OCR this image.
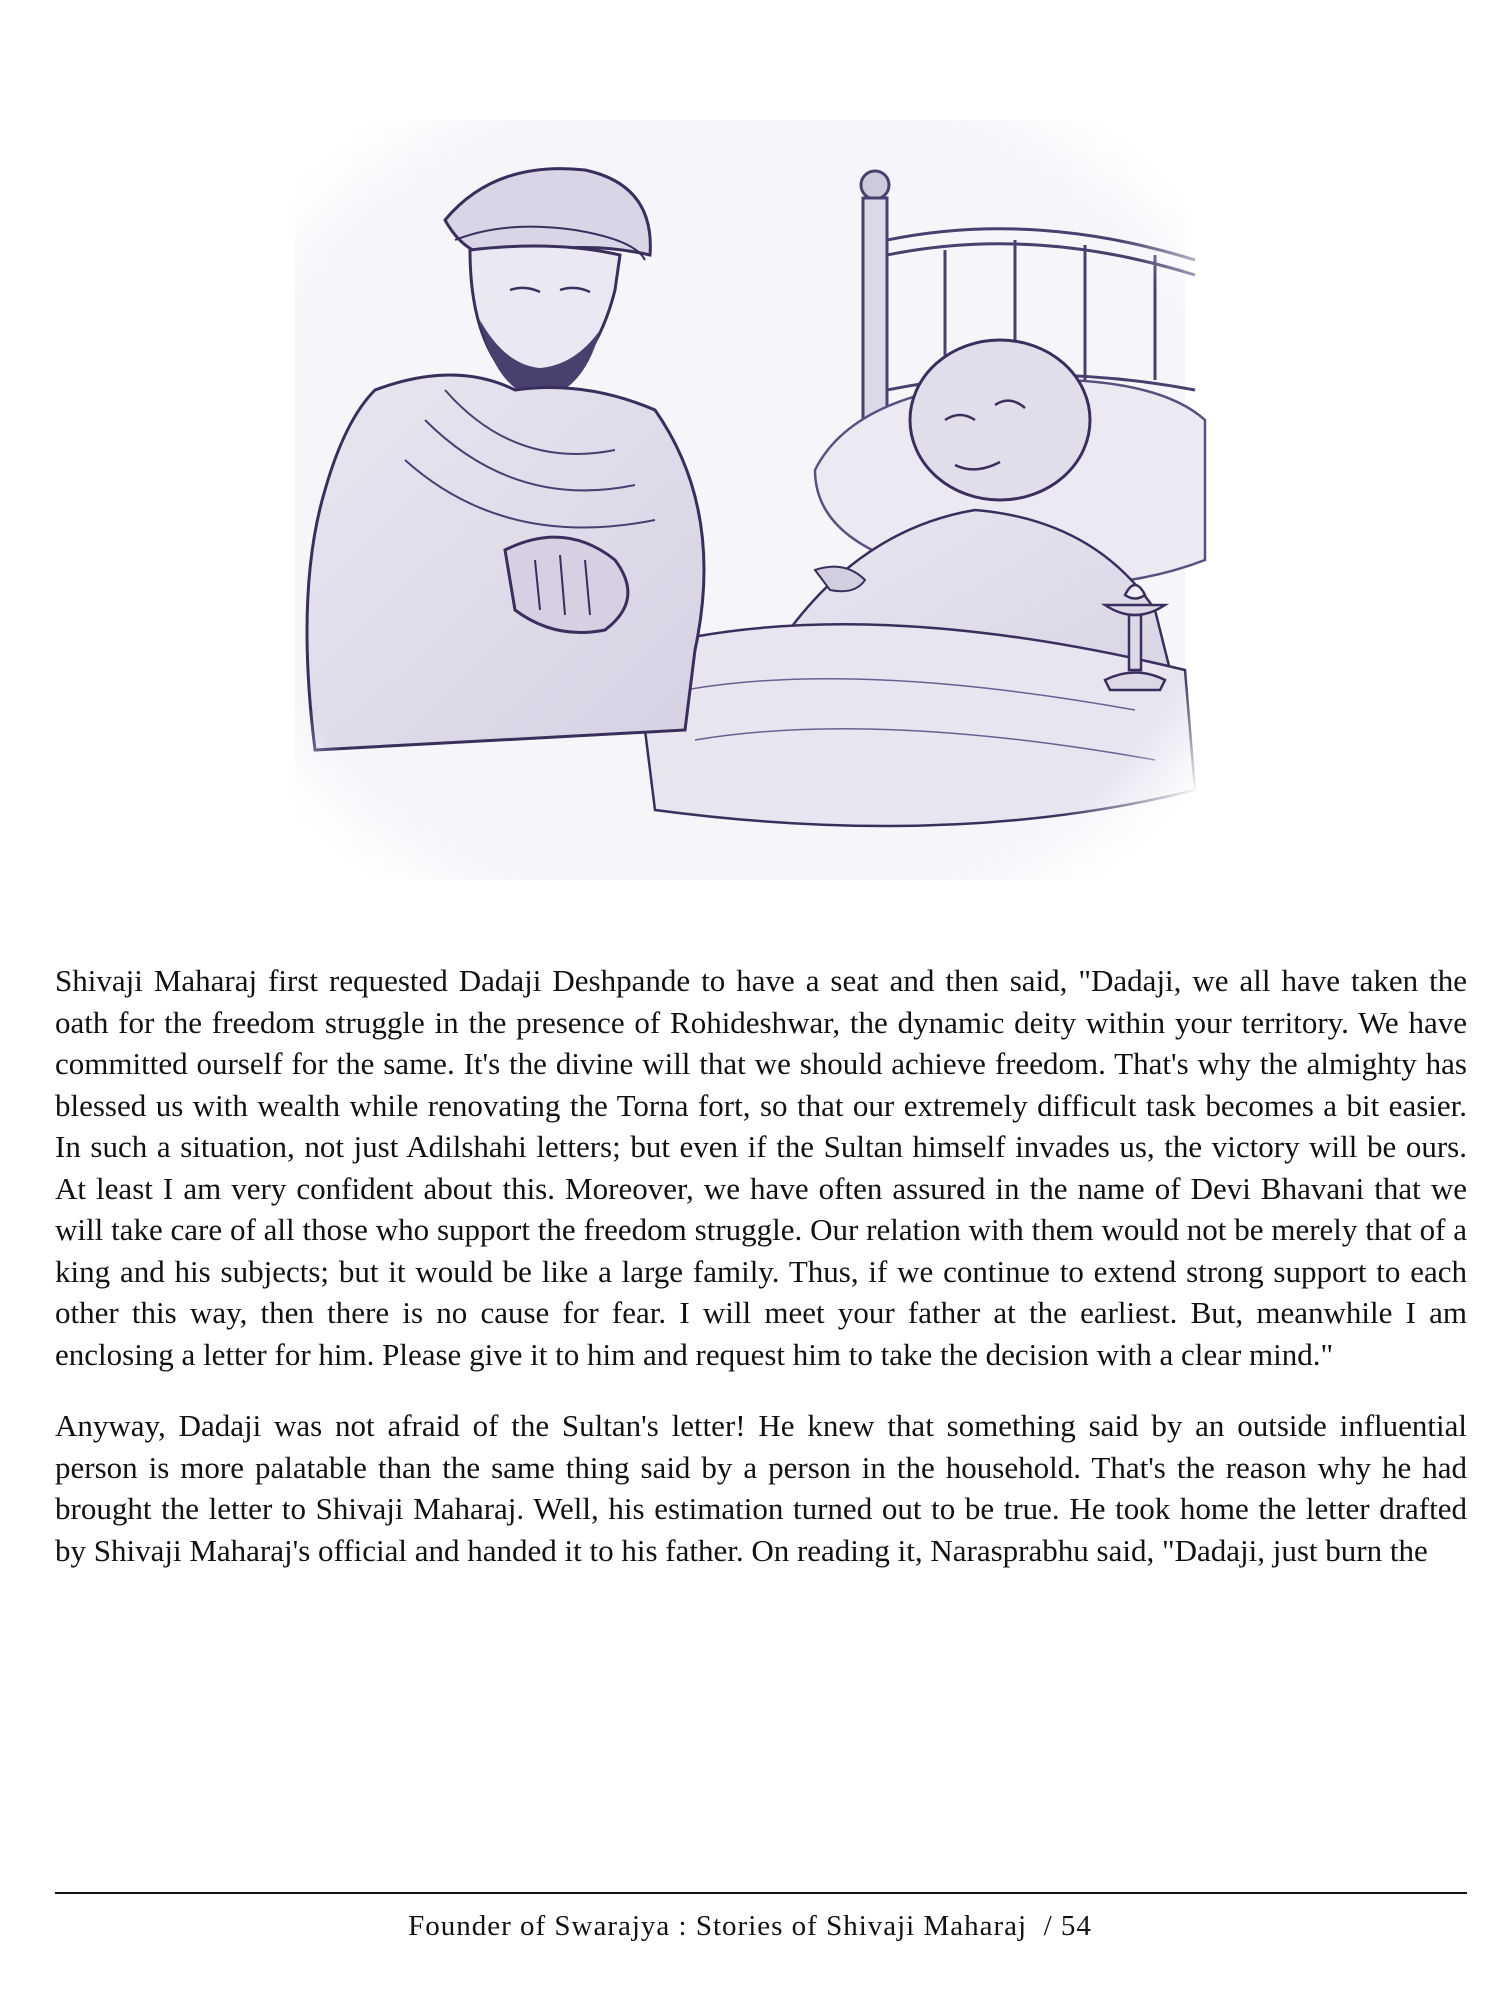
Shivaji Maharaj first requested Dadaji Deshpande to have a seat and then said, "Dadaji, we all have taken the oath for the freedom struggle in the presence of Rohideshwar, the dynamic deity within your territory. We have committed ourself for the same. It's the divine will that we should achieve freedom. That's why the almighty has blessed us with wealth while renovating the Torna fort, so that our extremely difficult task becomes a bit easier. In such a situation, not just Adilshahi letters; but even if the Sultan himself invades us, the victory will be ours. At least I am very confident about this. Moreover, we have often assured in the name of Devi Bhavani that we will take care of all those who support the freedom struggle. Our relation with them would not be merely that of a king and his subjects; but it would be like a large family. Thus, if we continue to extend strong support to each other this way, then there is no cause for fear. I will meet your father at the earliest. But, meanwhile I am enclosing a letter for him. Please give it to him and request him to take the decision with a clear mind."

Anyway, Dadaji was not afraid of the Sultan's letter! He knew that something said by an outside influential person is more palatable than the same thing said by a person in the household. That's the reason why he had brought the letter to Shivaji Maharaj. Well, his estimation turned out to be true. He took home the letter drafted by Shivaji Maharaj's official and handed it to his father. On reading it, Narasprabhu said, "Dadaji, just burn the

Founder of Swarajya : Stories of Shivaji Maharaj / 54
